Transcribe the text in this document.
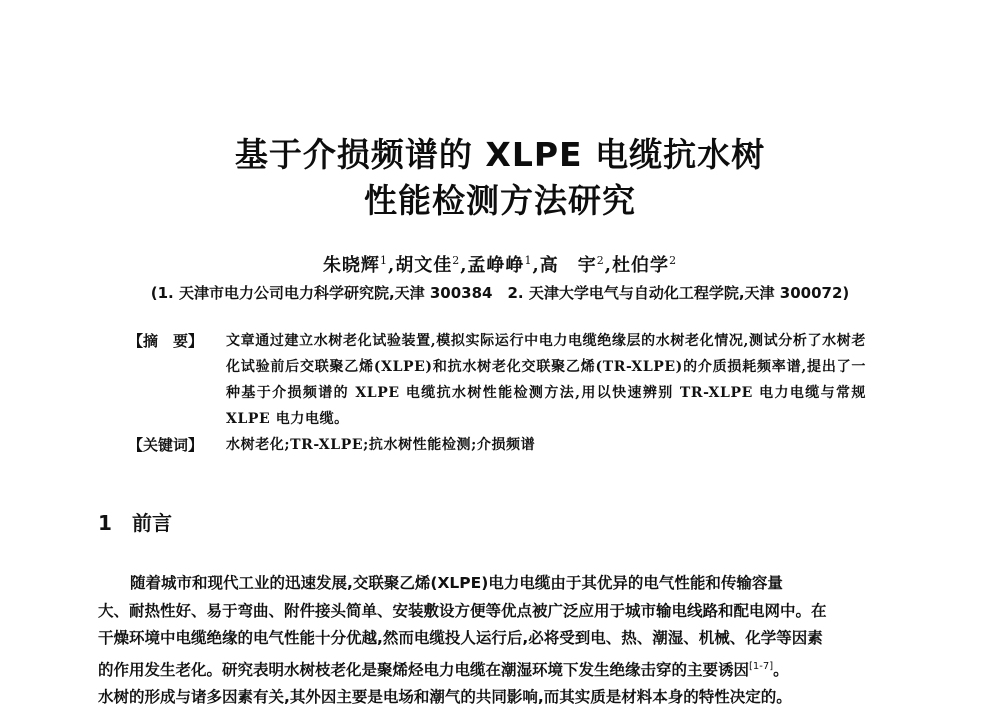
基于介损频谱的 XLPE 电缆抗水树
性能检测方法研究
朱晓辉$^1$,胡文佳$^2$,孟峥峥$^1$,高　宇$^2$,杜伯学$^2$
(1. 天津市电力公司电力科学研究院,天津 300384　2. 天津大学电气与自动化工程学院,天津 300072)
【摘　要】 文章通过建立水树老化试验装置,模拟实际运行中电力电缆绝缘层的水树老化情况,测试分析了水树老化试验前后交联聚乙烯(XLPE)和抗水树老化交联聚乙烯(TR-XLPE)的介质损耗频率谱,提出了一种基于介损频谱的 XLPE 电缆抗水树性能检测方法,用以快速辨别 TR-XLPE 电力电缆与常规 XLPE 电力电缆。
【关键词】 水树老化;TR-XLPE;抗水树性能检测;介损频谱
1 前言
随着城市和现代工业的迅速发展,交联聚乙烯(XLPE)电力电缆由于其优异的电气性能和传输容量
大、耐热性好、易于弯曲、附件接头简单、安装敷设方便等优点被广泛应用于城市输电线路和配电网中。在
干燥环境中电缆绝缘的电气性能十分优越,然而电缆投人运行后,必将受到电、热、潮湿、机械、化学等因素
的作用发生老化。研究表明水树枝老化是聚烯烃电力电缆在潮湿环境下发生绝缘击穿的主要诱因[1-7]。
水树的形成与诸多因素有关,其外因主要是电场和潮气的共同影响,而其实质是材料本身的特性决定的。
